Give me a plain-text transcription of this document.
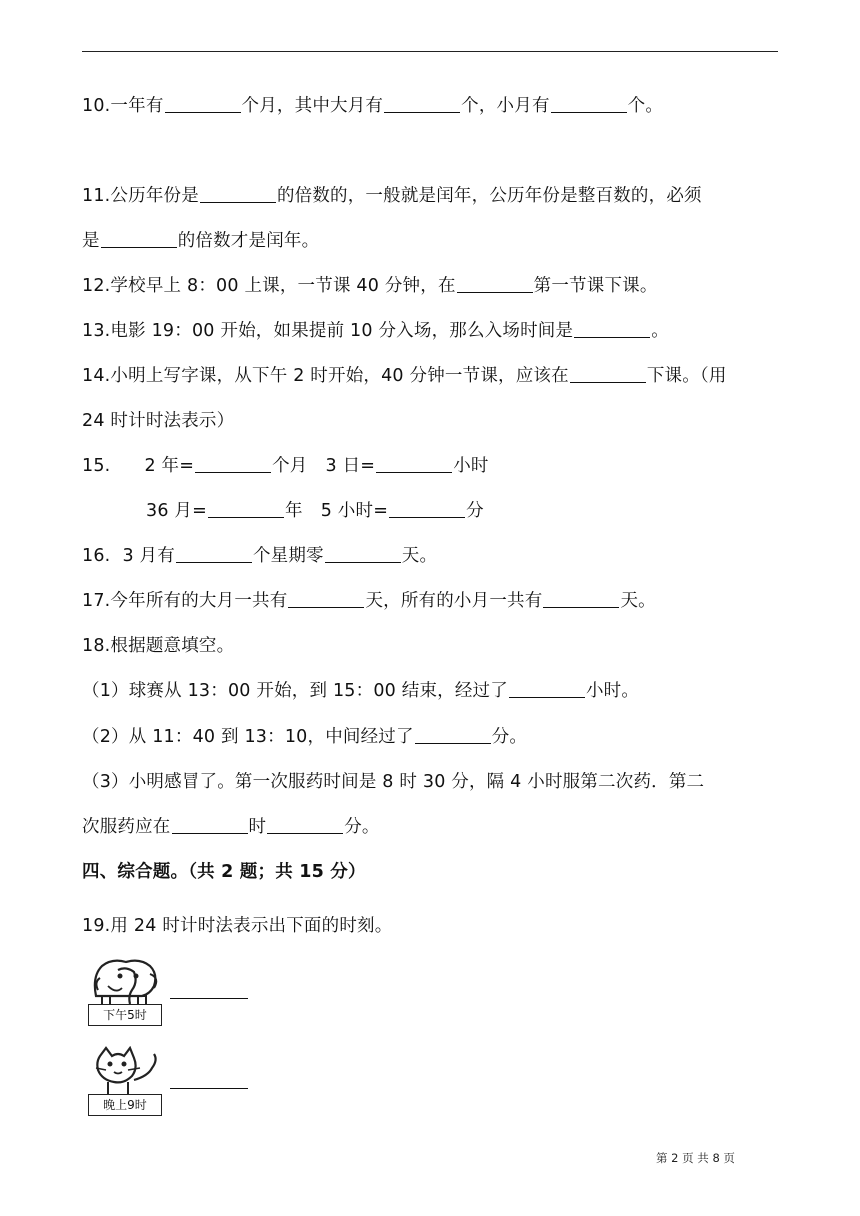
10.一年有	个月，其中大月有	个，小月有	个。
11.公历年份是	的倍数的，一般就是闰年，公历年份是整百数的，必须
是	的倍数才是闰年。
12.学校早上 8：00 上课，一节课 40 分钟，在	第一节课下课。
13.电影 19：00 开始，如果提前 10 分入场，那么入场时间是	。
14.小明上写字课，从下午 2 时开始，40 分钟一节课，应该在	下课。（用
24 时计时法表示）
15. 2 年=	个月 3 日=	小时
36 月=	年 5 小时=	分
16. 3 月有	个星期零	天。
17.今年所有的大月一共有	天，所有的小月一共有	天。
18.根据题意填空。
（1）球赛从 13：00 开始，到 15：00 结束，经过了	小时。
（2）从 11：40 到 13：10，中间经过了	分。
（3）小明感冒了。第一次服药时间是 8 时 30 分，隔 4 小时服第二次药．第二
次服药应在	时	分。
四、综合题。（共 2 题；共 15 分）
19.用 24 时计时法表示出下面的时刻。
下午5时
晚上9时
第 2 页 共 8 页
